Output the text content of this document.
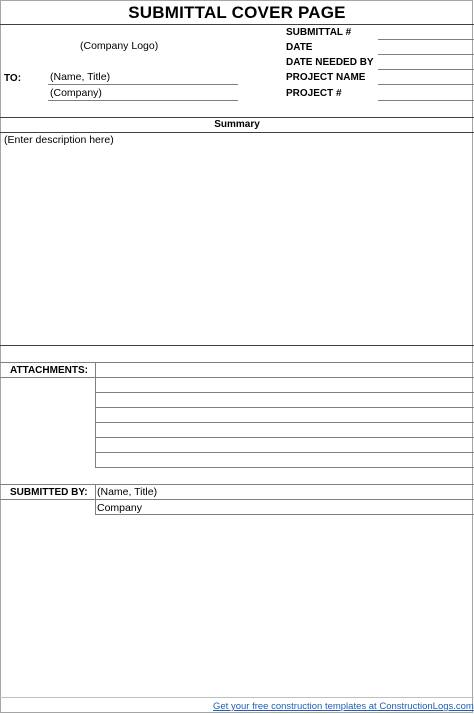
SUBMITTAL COVER PAGE
(Company Logo)
SUBMITTAL #
DATE
DATE NEEDED BY
PROJECT NAME
PROJECT #
TO:	(Name, Title)
(Company)
Summary
(Enter description here)
ATTACHMENTS:
SUBMITTED BY: (Name, Title)
Company
Get your free construction templates at ConstructionLogs.com
